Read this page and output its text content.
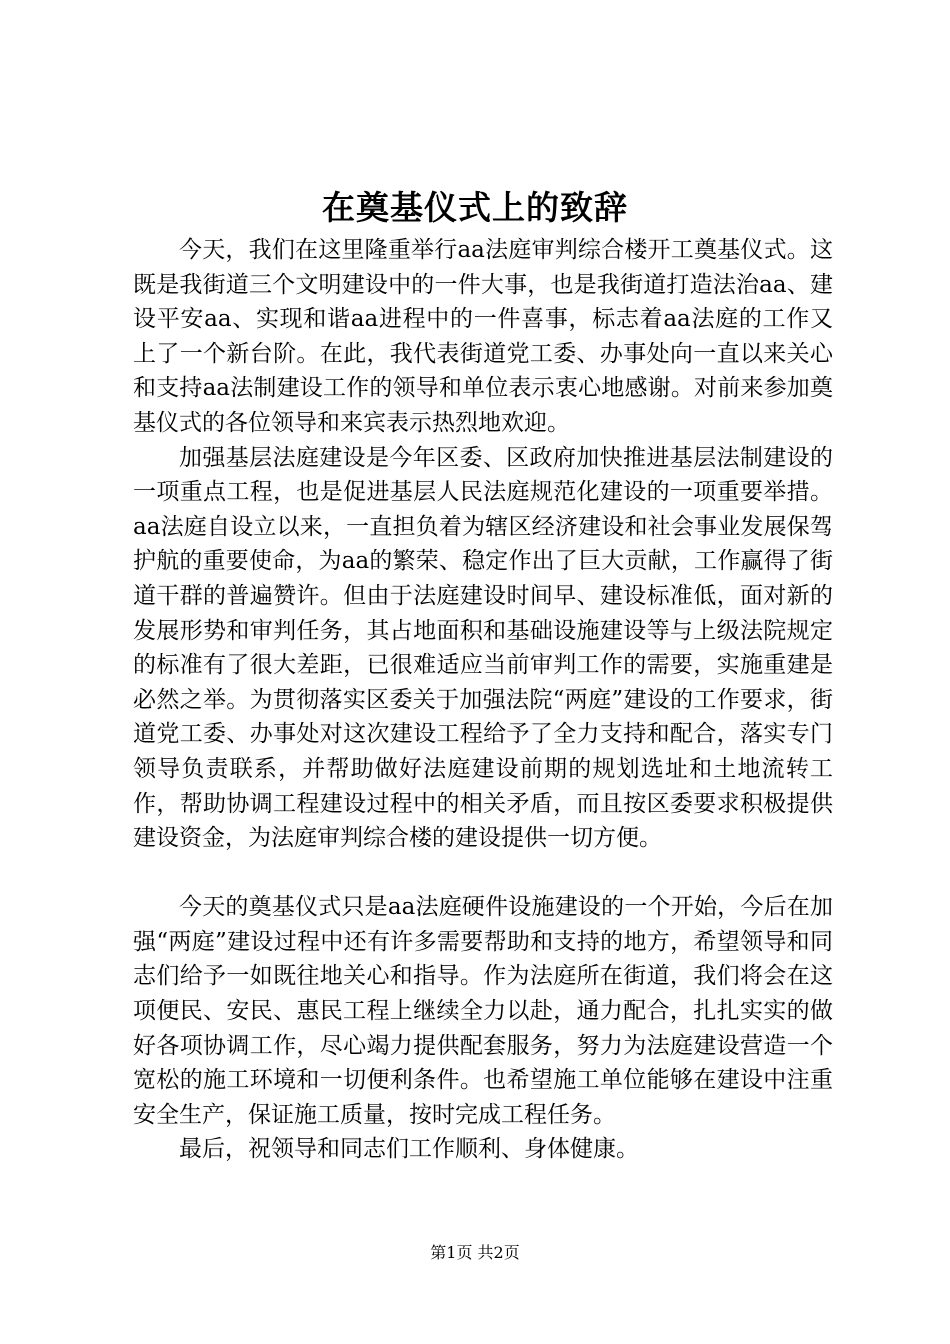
在奠基仪式上的致辞

今天，我们在这里隆重举行aa法庭审判综合楼开工奠基仪式。这既是我街道三个文明建设中的一件大事，也是我街道打造法治aa、建设平安aa、实现和谐aa进程中的一件喜事，标志着aa法庭的工作又上了一个新台阶。在此，我代表街道党工委、办事处向一直以来关心和支持aa法制建设工作的领导和单位表示衷心地感谢。对前来参加奠基仪式的各位领导和来宾表示热烈地欢迎。

加强基层法庭建设是今年区委、区政府加快推进基层法制建设的一项重点工程，也是促进基层人民法庭规范化建设的一项重要举措。aa法庭自设立以来，一直担负着为辖区经济建设和社会事业发展保驾护航的重要使命，为aa的繁荣、稳定作出了巨大贡献，工作赢得了街道干群的普遍赞许。但由于法庭建设时间早、建设标准低，面对新的发展形势和审判任务，其占地面积和基础设施建设等与上级法院规定的标准有了很大差距，已很难适应当前审判工作的需要，实施重建是必然之举。为贯彻落实区委关于加强法院“两庭”建设的工作要求，街道党工委、办事处对这次建设工程给予了全力支持和配合，落实专门领导负责联系，并帮助做好法庭建设前期的规划选址和土地流转工作，帮助协调工程建设过程中的相关矛盾，而且按区委要求积极提供建设资金，为法庭审判综合楼的建设提供一切方便。

今天的奠基仪式只是aa法庭硬件设施建设的一个开始，今后在加强“两庭”建设过程中还有许多需要帮助和支持的地方，希望领导和同志们给予一如既往地关心和指导。作为法庭所在街道，我们将会在这项便民、安民、惠民工程上继续全力以赴，通力配合，扎扎实实的做好各项协调工作，尽心竭力提供配套服务，努力为法庭建设营造一个宽松的施工环境和一切便利条件。也希望施工单位能够在建设中注重安全生产，保证施工质量，按时完成工程任务。

最后，祝领导和同志们工作顺利、身体健康。

第1页 共2页
